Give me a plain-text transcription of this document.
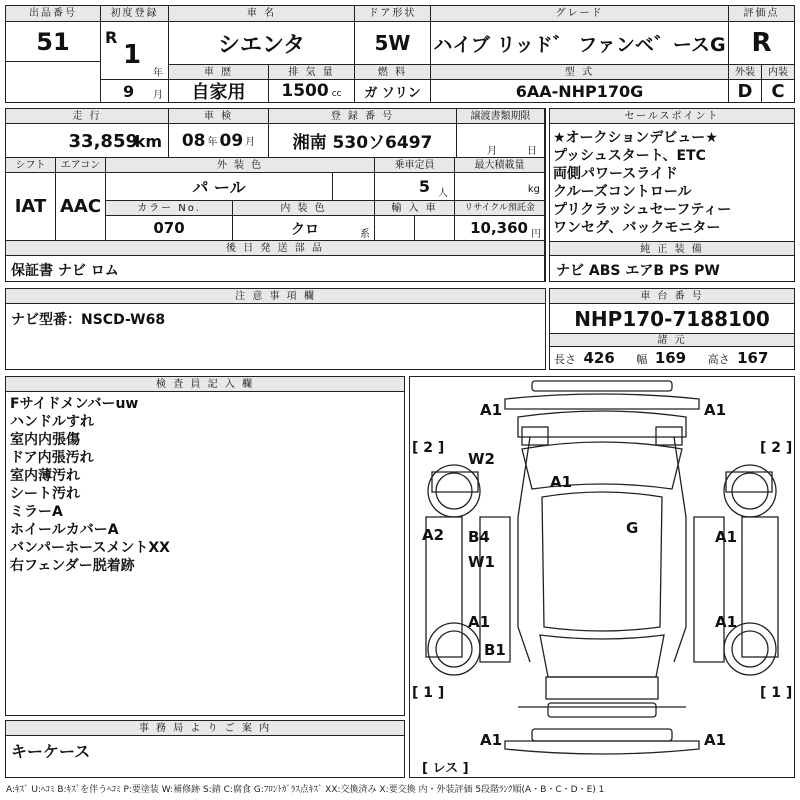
出品番号
51
初度登録
R
1
年
9 月
車 名
シエンタ
ドア形状
5W
グレード
ハイブ リッド゛ ファンベ゛ースG
評価点
R
車 歴
自家用
排 気 量
1500 cc
燃 料
ガ ソリン
型 式
6AA-NHP170G
外装	内装
D	C
走 行
33,859
km
車 検
08 年 09 月
登 録 番 号
湘南 530ソ6497
譲渡書類期限
月	日
シフト
IAT
エアコン
AAC
外 装 色
パ ール
乗車定員
5 人
最大積載量
kg
カラー No.
070
内 装 色
クロ	系
輸 入 車	リサイクル預託金
10,360 円
後 日 発 送 部 品
保証書 ナビ ロム
セールスポイント
★オークションデビュー★
プッシュスタート、ETC
両側パワースライド
クルーズコントロール
プリクラッシュセーフティー
ワンセグ、バックモニター
純 正 装 備
ナビ ABS エアB PS PW
注 意 事 項 欄
ナビ型番：NSCD-W68
車 台 番 号
NHP170-7188100
諸 元
長さ 426 幅 169 高さ 167
検 査 員 記 入 欄
Fサイドメンバーuw
ハンドルすれ
室内内張傷
ドア内張汚れ
室内薄汚れ
シート汚れ
ミラーA
ホイールカバーA
バンパーホースメントXX
右フェンダー脱着跡
事 務 局 よ り ご 案 内
キーケース
A1	A1
[ 2 ]	[ 2 ]
W2
A1
G
A2 B4
W1
A1
A1	A1
B1
[ 1 ]	[ 1 ]
A1	A1
[ レス ]
A:ｷｽﾞ U:ﾍｺﾐ B:ｷｽﾞを伴うﾍｺﾐ P:要塗装 W:補修跡 S:錆 C:腐食 G:ﾌﾛﾝﾄｶﾞﾗｽ点ｷｽﾞ XX:交換済み X:要交換 内・外装評価 5段階ﾗﾝｸ順(A・B・C・D・E) 1
